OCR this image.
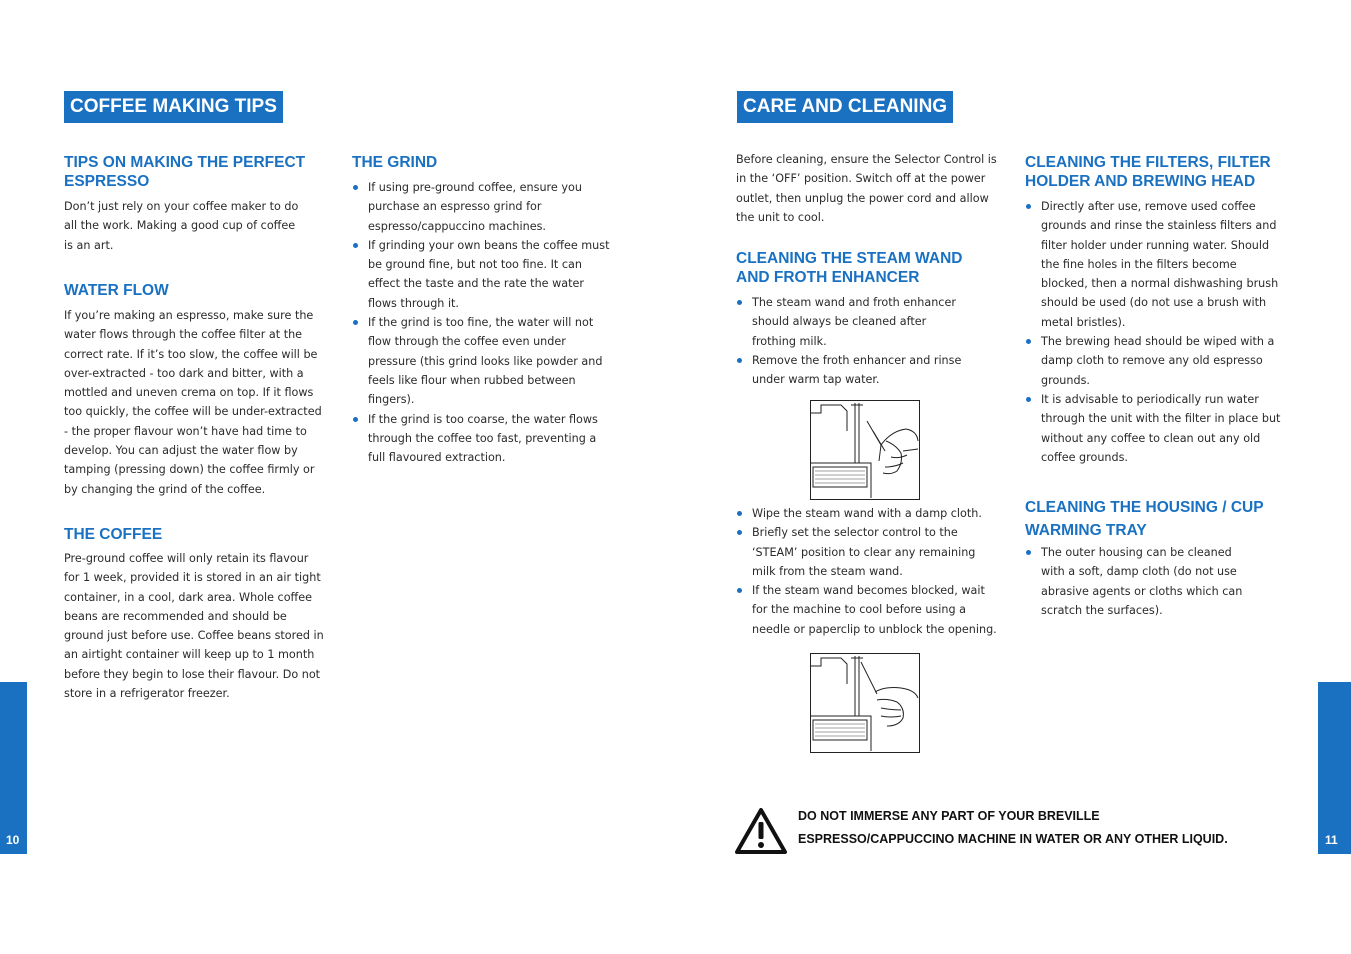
COFFEE MAKING TIPS
TIPS ON MAKING THE PERFECT ESPRESSO

Don’t just rely on your coffee maker to do all the work. Making a good cup of coffee is an art.

WATER FLOW

If you’re making an espresso, make sure the water flows through the coffee filter at the correct rate. If it’s too slow, the coffee will be over-extracted - too dark and bitter, with a mottled and uneven crema on top. If it flows too quickly, the coffee will be under-extracted - the proper flavour won’t have had time to develop. You can adjust the water flow by tamping (pressing down) the coffee firmly or by changing the grind of the coffee.

THE COFFEE

Pre-ground coffee will only retain its flavour for 1 week, provided it is stored in an air tight container, in a cool, dark area. Whole coffee beans are recommended and should be ground just before use. Coffee beans stored in an airtight container will keep up to 1 month before they begin to lose their flavour. Do not store in a refrigerator freezer.

THE GRIND
If using pre-ground coffee, ensure you purchase an espresso grind for espresso/cappuccino machines.
If grinding your own beans the coffee must be ground fine, but not too fine. It can effect the taste and the rate the water flows through it.
If the grind is too fine, the water will not flow through the coffee even under pressure (this grind looks like powder and feels like flour when rubbed between fingers).
If the grind is too coarse, the water flows through the coffee too fast, preventing a full flavoured extraction.
10
CARE AND CLEANING

Before cleaning, ensure the Selector Control is in the ‘OFF’ position. Switch off at the power outlet, then unplug the power cord and allow the unit to cool.

CLEANING THE STEAM WAND AND FROTH ENHANCER
The steam wand and froth enhancer should always be cleaned after frothing milk.
Remove the froth enhancer and rinse under warm tap water.
Wipe the steam wand with a damp cloth.
Briefly set the selector control to the ‘STEAM’ position to clear any remaining milk from the steam wand.
If the steam wand becomes blocked, wait for the machine to cool before using a needle or paperclip to unblock the opening.
CLEANING THE FILTERS, FILTER HOLDER AND BREWING HEAD
Directly after use, remove used coffee grounds and rinse the stainless filters and filter holder under running water. Should the fine holes in the filters become blocked, then a normal dishwashing brush should be used (do not use a brush with metal bristles).
The brewing head should be wiped with a damp cloth to remove any old espresso grounds.
It is advisable to periodically run water through the unit with the filter in place but without any coffee to clean out any old coffee grounds.
CLEANING THE HOUSING / CUP WARMING TRAY
The outer housing can be cleaned with a soft, damp cloth (do not use abrasive agents or cloths which can scratch the surfaces).
DO NOT IMMERSE ANY PART OF YOUR BREVILLE
ESPRESSO/CAPPUCCINO MACHINE IN WATER OR ANY OTHER LIQUID.	11
